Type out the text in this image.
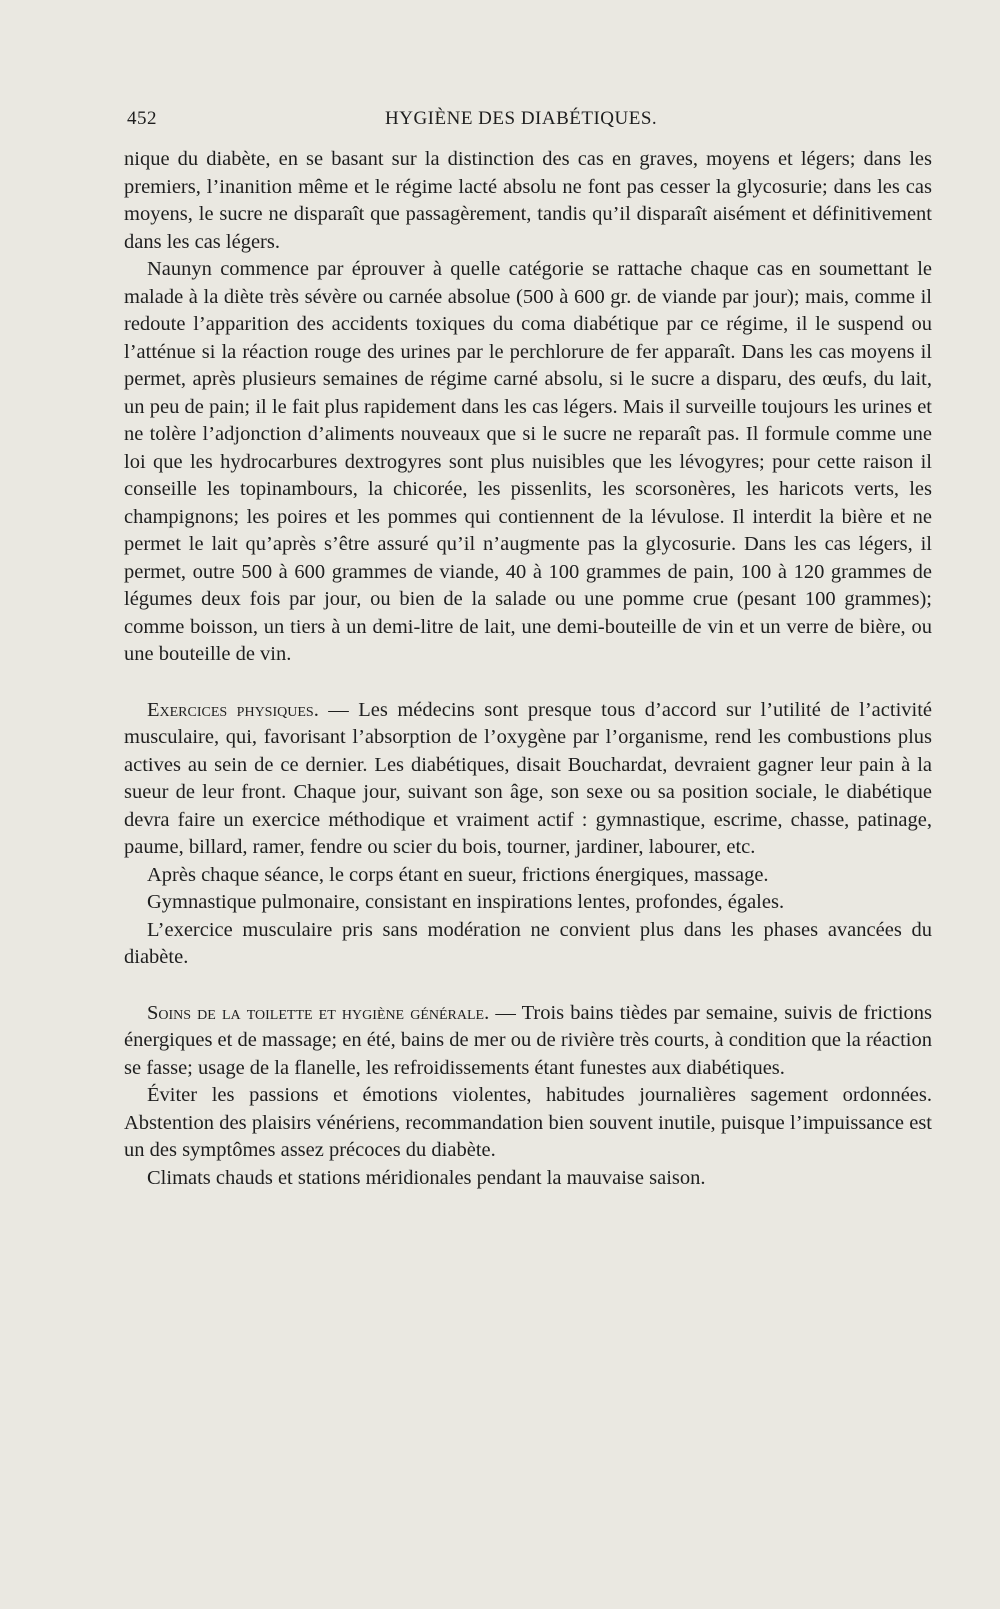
452	HYGIÈNE DES DIABÉTIQUES.

nique du diabète, en se basant sur la distinction des cas en graves, moyens et légers; dans les premiers, l’inanition même et le régime lacté absolu ne font pas cesser la glycosurie; dans les cas moyens, le sucre ne disparaît que passagèrement, tandis qu’il disparaît aisément et définitivement dans les cas légers.

Naunyn commence par éprouver à quelle catégorie se rattache chaque cas en soumettant le malade à la diète très sévère ou carnée absolue (500 à 600 gr. de viande par jour); mais, comme il redoute l’apparition des accidents toxiques du coma diabétique par ce régime, il le suspend ou l’atténue si la réaction rouge des urines par le perchlorure de fer apparaît. Dans les cas moyens il permet, après plusieurs semaines de régime carné absolu, si le sucre a disparu, des œufs, du lait, un peu de pain; il le fait plus rapidement dans les cas légers. Mais il surveille toujours les urines et ne tolère l’adjonction d’aliments nouveaux que si le sucre ne reparaît pas. Il formule comme une loi que les hydrocarbures dextrogyres sont plus nuisibles que les lévogyres; pour cette raison il conseille les topinambours, la chicorée, les pissenlits, les scorsonères, les haricots verts, les champignons; les poires et les pommes qui contiennent de la lévulose. Il interdit la bière et ne permet le lait qu’après s’être assuré qu’il n’augmente pas la glycosurie. Dans les cas légers, il permet, outre 500 à 600 grammes de viande, 40 à 100 grammes de pain, 100 à 120 grammes de légumes deux fois par jour, ou bien de la salade ou une pomme crue (pesant 100 grammes); comme boisson, un tiers à un demi-litre de lait, une demi-bouteille de vin et un verre de bière, ou une bouteille de vin.

Exercices physiques. — Les médecins sont presque tous d’accord sur l’utilité de l’activité musculaire, qui, favorisant l’absorption de l’oxygène par l’organisme, rend les combustions plus actives au sein de ce dernier. Les diabétiques, disait Bouchardat, devraient gagner leur pain à la sueur de leur front. Chaque jour, suivant son âge, son sexe ou sa position sociale, le diabétique devra faire un exercice méthodique et vraiment actif : gymnastique, escrime, chasse, patinage, paume, billard, ramer, fendre ou scier du bois, tourner, jardiner, labourer, etc.

Après chaque séance, le corps étant en sueur, frictions énergiques, massage.

Gymnastique pulmonaire, consistant en inspirations lentes, profondes, égales.

L’exercice musculaire pris sans modération ne convient plus dans les phases avancées du diabète.

Soins de la toilette et hygiène générale. — Trois bains tièdes par semaine, suivis de frictions énergiques et de massage; en été, bains de mer ou de rivière très courts, à condition que la réaction se fasse; usage de la flanelle, les refroidissements étant funestes aux diabétiques.

Éviter les passions et émotions violentes, habitudes journalières sagement ordonnées. Abstention des plaisirs vénériens, recommandation bien souvent inutile, puisque l’impuissance est un des symptômes assez précoces du diabète.

Climats chauds et stations méridionales pendant la mauvaise saison.
